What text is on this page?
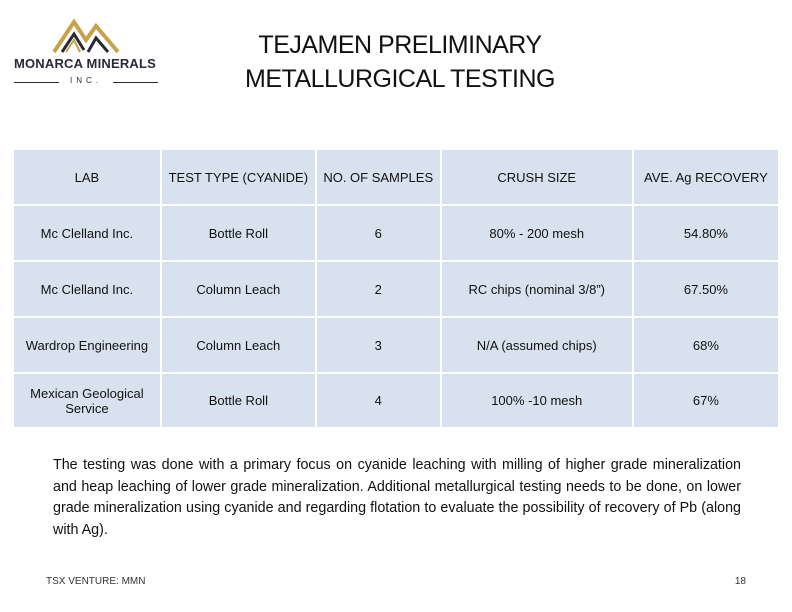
MONARCA MINERALS
INC.
TEJAMEN PRELIMINARY
METALLURGICAL TESTING
LAB	TEST TYPE (CYANIDE)	NO. OF SAMPLES	CRUSH SIZE	AVE. Ag RECOVERY
Mc Clelland Inc.	Bottle Roll	6	80% - 200 mesh	54.80%
Mc Clelland Inc.	Column Leach	2	RC chips (nominal 3/8”)	67.50%
Wardrop Engineering	Column Leach	3	N/A (assumed chips)	68%
Mexican Geological Service	Bottle Roll	4	100% -10 mesh	67%
The testing was done with a primary focus on cyanide leaching with milling of higher grade mineralization and heap leaching of lower grade mineralization. Additional metallurgical testing needs to be done, on lower grade mineralization using cyanide and regarding flotation to evaluate the possibility of recovery of Pb (along with Ag).
TSX VENTURE: MMN	18
